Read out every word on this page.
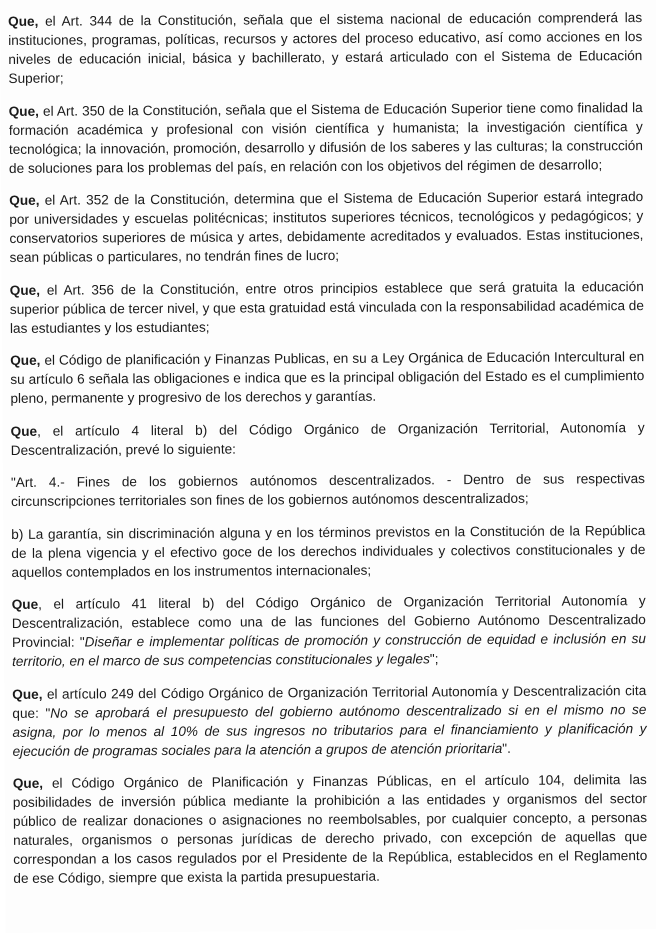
Que, el Art. 344 de la Constitución, señala que el sistema nacional de educación comprenderá las instituciones, programas, políticas, recursos y actores del proceso educativo, así como acciones en los niveles de educación inicial, básica y bachillerato, y estará articulado con el Sistema de Educación Superior;

Que, el Art. 350 de la Constitución, señala que el Sistema de Educación Superior tiene como finalidad la formación académica y profesional con visión científica y humanista; la investigación científica y tecnológica; la innovación, promoción, desarrollo y difusión de los saberes y las culturas; la construcción de soluciones para los problemas del país, en relación con los objetivos del régimen de desarrollo;

Que, el Art. 352 de la Constitución, determina que el Sistema de Educación Superior estará integrado por universidades y escuelas politécnicas; institutos superiores técnicos, tecnológicos y pedagógicos; y conservatorios superiores de música y artes, debidamente acreditados y evaluados. Estas instituciones, sean públicas o particulares, no tendrán fines de lucro;

Que, el Art. 356 de la Constitución, entre otros principios establece que será gratuita la educación superior pública de tercer nivel, y que esta gratuidad está vinculada con la responsabilidad académica de las estudiantes y los estudiantes;

Que, el Código de planificación y Finanzas Publicas, en su a Ley Orgánica de Educación Intercultural en su artículo 6 señala las obligaciones e indica que es la principal obligación del Estado es el cumplimiento pleno, permanente y progresivo de los derechos y garantías.

Que, el artículo 4 literal b) del Código Orgánico de Organización Territorial, Autonomía y Descentralización, prevé lo siguiente:

"Art. 4.- Fines de los gobiernos autónomos descentralizados. - Dentro de sus respectivas circunscripciones territoriales son fines de los gobiernos autónomos descentralizados;

b) La garantía, sin discriminación alguna y en los términos previstos en la Constitución de la República de la plena vigencia y el efectivo goce de los derechos individuales y colectivos constitucionales y de aquellos contemplados en los instrumentos internacionales;

Que, el artículo 41 literal b) del Código Orgánico de Organización Territorial Autonomía y Descentralización, establece como una de las funciones del Gobierno Autónomo Descentralizado Provincial: "Diseñar e implementar políticas de promoción y construcción de equidad e inclusión en su territorio, en el marco de sus competencias constitucionales y legales";

Que, el artículo 249 del Código Orgánico de Organización Territorial Autonomía y Descentralización cita que: "No se aprobará el presupuesto del gobierno autónomo descentralizado si en el mismo no se asigna, por lo menos al 10% de sus ingresos no tributarios para el financiamiento y planificación y ejecución de programas sociales para la atención a grupos de atención prioritaria".

Que, el Código Orgánico de Planificación y Finanzas Públicas, en el artículo 104, delimita las posibilidades de inversión pública mediante la prohibición a las entidades y organismos del sector público de realizar donaciones o asignaciones no reembolsables, por cualquier concepto, a personas naturales, organismos o personas jurídicas de derecho privado, con excepción de aquellas que correspondan a los casos regulados por el Presidente de la República, establecidos en el Reglamento de ese Código, siempre que exista la partida presupuestaria.
